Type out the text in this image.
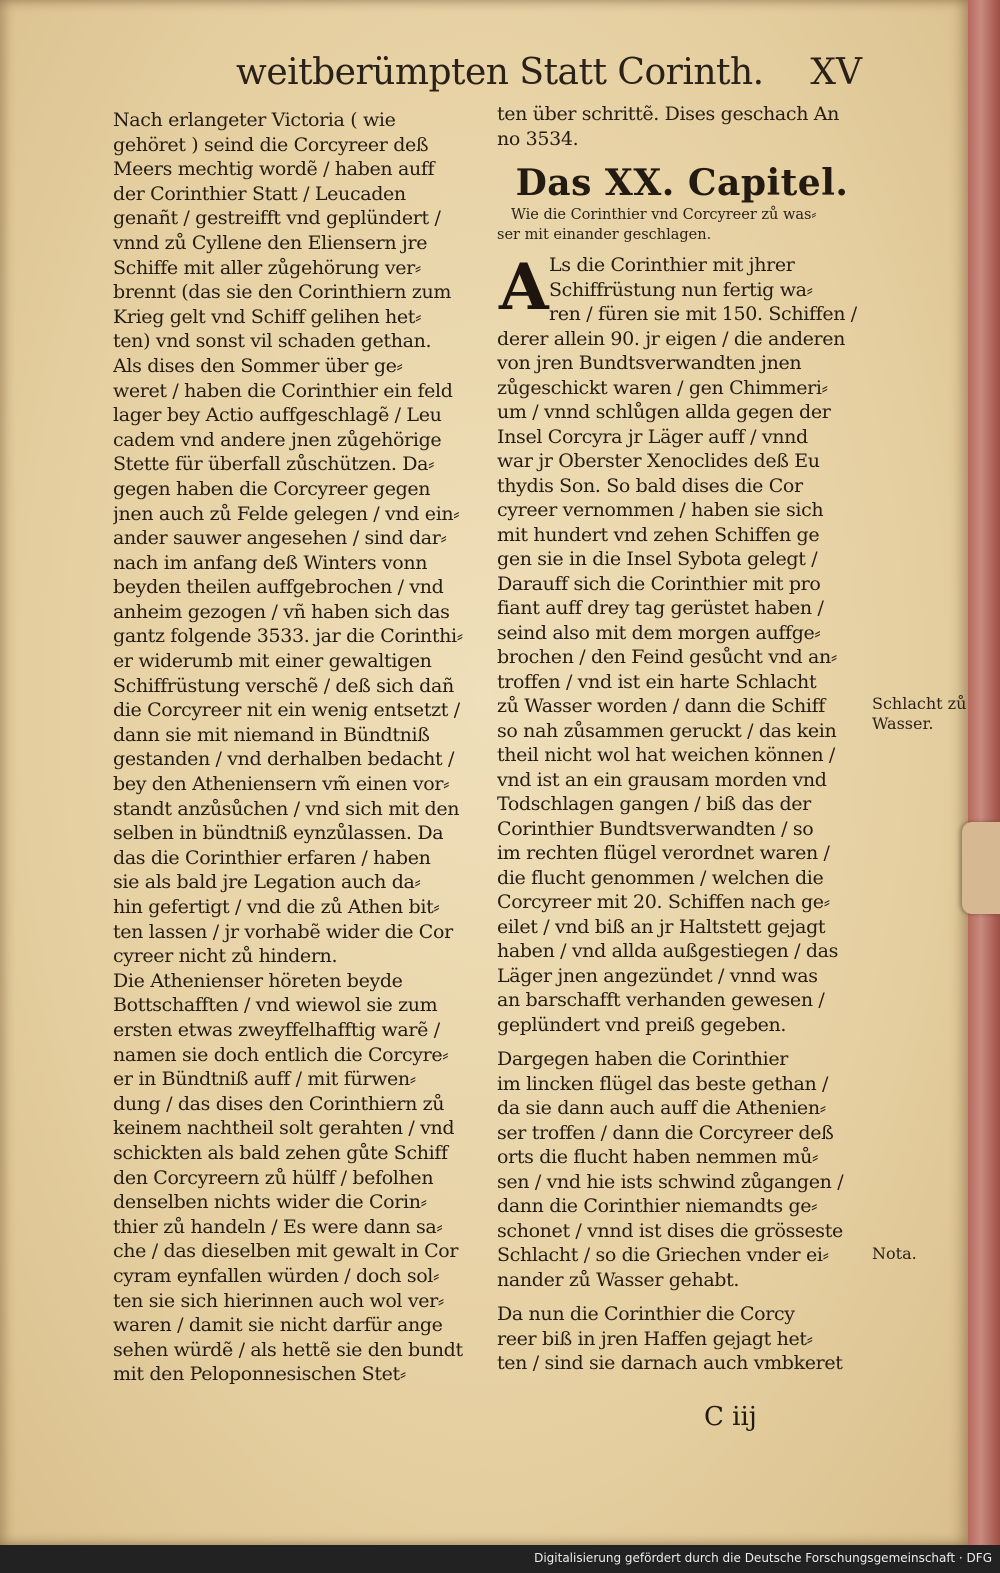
weitberümpten Statt Corinth. XV
Nach erlangeter Victoria ( wie
gehöret ) seind die Corcyreer deß
Meers mechtig wordẽ / haben auff
der Corinthier Statt / Leucaden
genañt / gestreifft vnd geplündert /
vnnd zů Cyllene den Eliensern jre
Schiffe mit aller zůgehörung ver⸗
brennt (das sie den Corinthiern zum
Krieg gelt vnd Schiff gelihen het⸗
ten) vnd sonst vil schaden gethan.
Als dises den Sommer über ge⸗
weret / haben die Corinthier ein feld
lager bey Actio auffgeschlagẽ / Leu
cadem vnd andere jnen zůgehörige
Stette für überfall zůschützen. Da⸗
gegen haben die Corcyreer gegen
jnen auch zů Felde gelegen / vnd ein⸗
ander sauwer angesehen / sind dar⸗
nach im anfang deß Winters vonn
beyden theilen auffgebrochen / vnd
anheim gezogen / vñ haben sich das
gantz folgende 3533. jar die Corinthi⸗
er widerumb mit einer gewaltigen
Schiffrüstung verschẽ / deß sich dañ
die Corcyreer nit ein wenig entsetzt /
dann sie mit niemand in Bündtniß
gestanden / vnd derhalben bedacht /
bey den Atheniensern vm̃ einen vor⸗
standt anzůsůchen / vnd sich mit den
selben in bündtniß eynzůlassen. Da
das die Corinthier erfaren / haben
sie als bald jre Legation auch da⸗
hin gefertigt / vnd die zů Athen bit⸗
ten lassen / jr vorhabẽ wider die Cor
cyreer nicht zů hindern.
Die Athenienser höreten beyde
Bottschafften / vnd wiewol sie zum
ersten etwas zweyffelhafftig warẽ /
namen sie doch entlich die Corcyre⸗
er in Bündtniß auff / mit fürwen⸗
dung / das dises den Corinthiern zů
keinem nachtheil solt gerahten / vnd
schickten als bald zehen gůte Schiff
den Corcyreern zů hülff / befolhen
denselben nichts wider die Corin⸗
thier zů handeln / Es were dann sa⸗
che / das dieselben mit gewalt in Cor
cyram eynfallen würden / doch sol⸗
ten sie sich hierinnen auch wol ver⸗
waren / damit sie nicht darfür ange
sehen würdẽ / als hettẽ sie den bundt
mit den Peloponnesischen Stet⸗
ten über schrittẽ. Dises geschach An
no 3534.
Das XX. Capitel.
Wie die Corinthier vnd Corcyreer zů was⸗
ser mit einander geschlagen.
A Ls die Corinthier mit jhrer
Schiffrüstung nun fertig wa⸗
ren / füren sie mit 150. Schiffen /
derer allein 90. jr eigen / die anderen
von jren Bundtsverwandten jnen
zůgeschickt waren / gen Chimmeri⸗
um / vnnd schlůgen allda gegen der
Insel Corcyra jr Läger auff / vnnd
war jr Oberster Xenoclides deß Eu
thydis Son. So bald dises die Cor
cyreer vernommen / haben sie sich
mit hundert vnd zehen Schiffen ge
gen sie in die Insel Sybota gelegt /
Darauff sich die Corinthier mit pro
fiant auff drey tag gerüstet haben /
seind also mit dem morgen auffge⸗
brochen / den Feind gesůcht vnd an⸗
troffen / vnd ist ein harte Schlacht
zů Wasser worden / dann die Schiff
so nah zůsammen geruckt / das kein
theil nicht wol hat weichen können /
vnd ist an ein grausam morden vnd
Todschlagen gangen / biß das der
Corinthier Bundtsverwandten / so
im rechten flügel verordnet waren /
die flucht genommen / welchen die
Corcyreer mit 20. Schiffen nach ge⸗
eilet / vnd biß an jr Haltstett gejagt
haben / vnd allda außgestiegen / das
Läger jnen angezündet / vnnd was
an barschafft verhanden gewesen /
geplündert vnd preiß gegeben.
Dargegen haben die Corinthier
im lincken flügel das beste gethan /
da sie dann auch auff die Athenien⸗
ser troffen / dann die Corcyreer deß
orts die flucht haben nemmen mů⸗
sen / vnd hie ists schwind zůgangen /
dann die Corinthier niemandts ge⸗
schonet / vnnd ist dises die grösseste
Schlacht / so die Griechen vnder ei⸗
nander zů Wasser gehabt.
Da nun die Corinthier die Corcy
reer biß in jren Haffen gejagt het⸗
ten / sind sie darnach auch vmbkeret
Schlacht zů
Wasser.
Nota.
C iij
Digitalisierung gefördert durch die Deutsche Forschungsgemeinschaft · DFG
